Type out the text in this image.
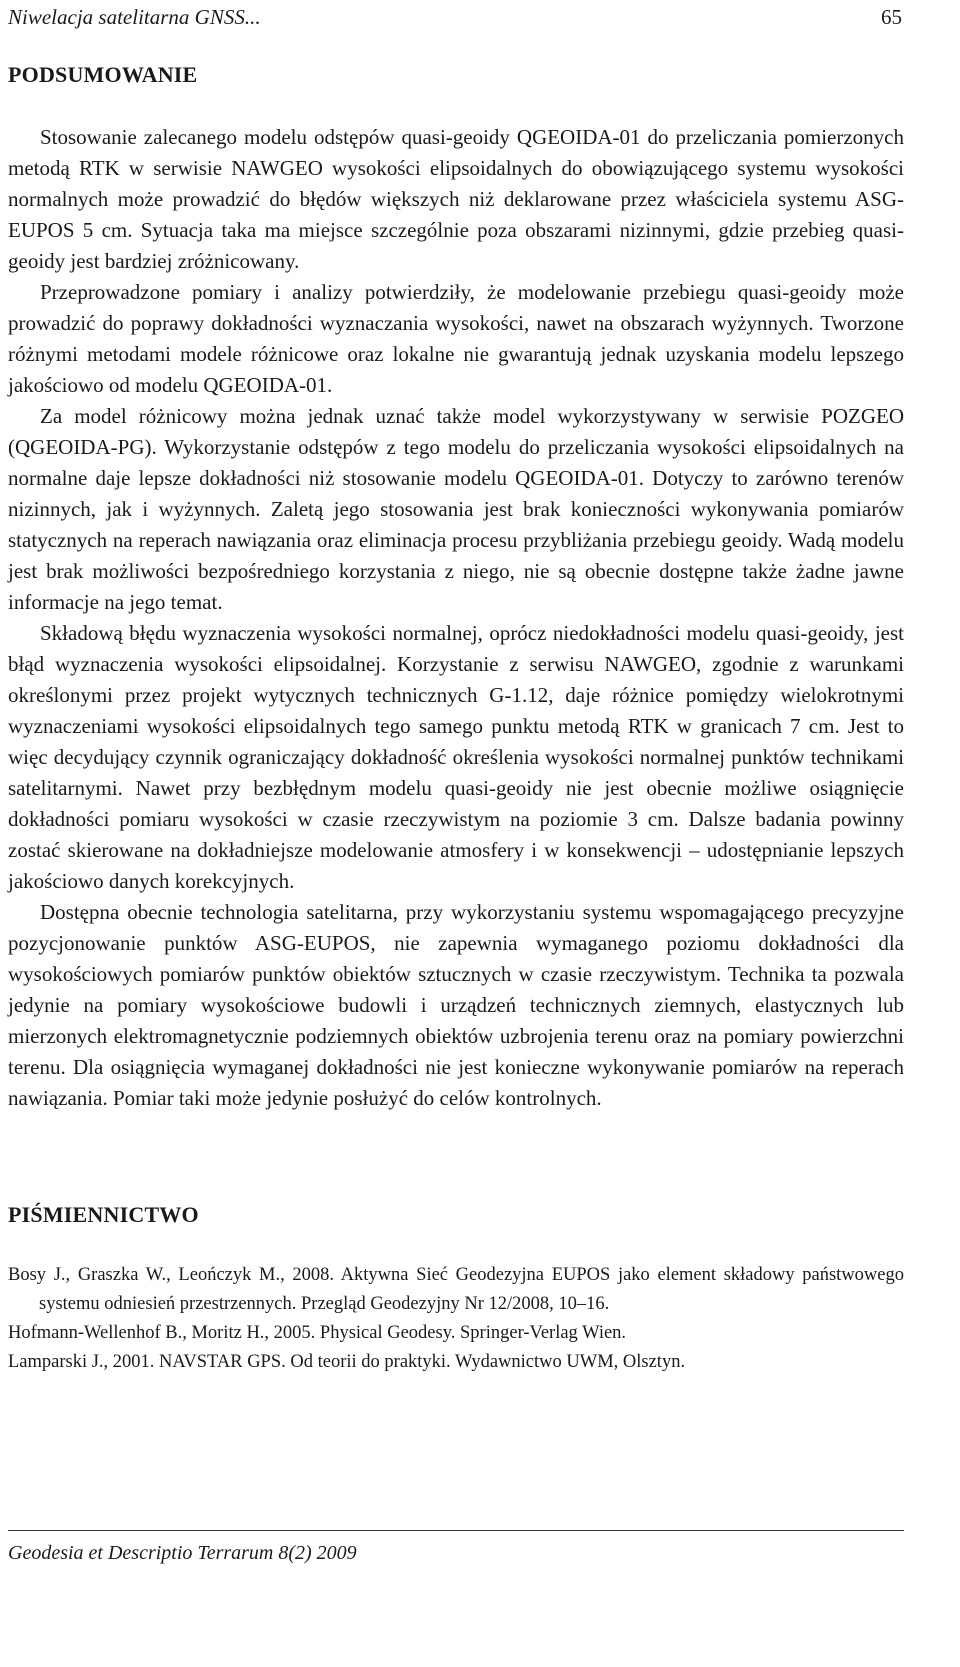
Niwelacja satelitarna GNSS...	65
PODSUMOWANIE

Stosowanie zalecanego modelu odstępów quasi-geoidy QGEOIDA-01 do przeliczania pomierzonych metodą RTK w serwisie NAWGEO wysokości elipsoidalnych do obowiązującego systemu wysokości normalnych może prowadzić do błędów większych niż deklarowane przez właściciela systemu ASG-EUPOS 5 cm. Sytuacja taka ma miejsce szczególnie poza obszarami nizinnymi, gdzie przebieg quasi-geoidy jest bardziej zróżnicowany.

Przeprowadzone pomiary i analizy potwierdziły, że modelowanie przebiegu quasi-geoidy może prowadzić do poprawy dokładności wyznaczania wysokości, nawet na obszarach wyżynnych. Tworzone różnymi metodami modele różnicowe oraz lokalne nie gwarantują jednak uzyskania modelu lepszego jakościowo od modelu QGEOIDA-01.

Za model różnicowy można jednak uznać także model wykorzystywany w serwisie POZGEO (QGEOIDA-PG). Wykorzystanie odstępów z tego modelu do przeliczania wysokości elipsoidalnych na normalne daje lepsze dokładności niż stosowanie modelu QGEOIDA-01. Dotyczy to zarówno terenów nizinnych, jak i wyżynnych. Zaletą jego stosowania jest brak konieczności wykonywania pomiarów statycznych na reperach nawiązania oraz eliminacja procesu przybliżania przebiegu geoidy. Wadą modelu jest brak możliwości bezpośredniego korzystania z niego, nie są obecnie dostępne także żadne jawne informacje na jego temat.

Składową błędu wyznaczenia wysokości normalnej, oprócz niedokładności modelu quasi-geoidy, jest błąd wyznaczenia wysokości elipsoidalnej. Korzystanie z serwisu NAWGEO, zgodnie z warunkami określonymi przez projekt wytycznych technicznych G-1.12, daje różnice pomiędzy wielokrotnymi wyznaczeniami wysokości elipsoidalnych tego samego punktu metodą RTK w granicach 7 cm. Jest to więc decydujący czynnik ograniczający dokładność określenia wysokości normalnej punktów technikami satelitarnymi. Nawet przy bezbłędnym modelu quasi-geoidy nie jest obecnie możliwe osiągnięcie dokładności pomiaru wysokości w czasie rzeczywistym na poziomie 3 cm. Dalsze badania powinny zostać skierowane na dokładniejsze modelowanie atmosfery i w konsekwencji – udostępnianie lepszych jakościowo danych korekcyjnych.

Dostępna obecnie technologia satelitarna, przy wykorzystaniu systemu wspomagającego precyzyjne pozycjonowanie punktów ASG-EUPOS, nie zapewnia wymaganego poziomu dokładności dla wysokościowych pomiarów punktów obiektów sztucznych w czasie rzeczywistym. Technika ta pozwala jedynie na pomiary wysokościowe budowli i urządzeń technicznych ziemnych, elastycznych lub mierzonych elektromagnetycznie podziemnych obiektów uzbrojenia terenu oraz na pomiary powierzchni terenu. Dla osiągnięcia wymaganej dokładności nie jest konieczne wykonywanie pomiarów na reperach nawiązania. Pomiar taki może jedynie posłużyć do celów kontrolnych.

PIŚMIENNICTWO
Bosy J., Graszka W., Leończyk M., 2008. Aktywna Sieć Geodezyjna EUPOS jako element składowy państwowego systemu odniesień przestrzennych. Przegląd Geodezyjny Nr 12/2008, 10–16.
Hofmann-Wellenhof B., Moritz H., 2005. Physical Geodesy. Springer-Verlag Wien.
Lamparski J., 2001. NAVSTAR GPS. Od teorii do praktyki. Wydawnictwo UWM, Olsztyn.
Geodesia et Descriptio Terrarum 8(2) 2009
